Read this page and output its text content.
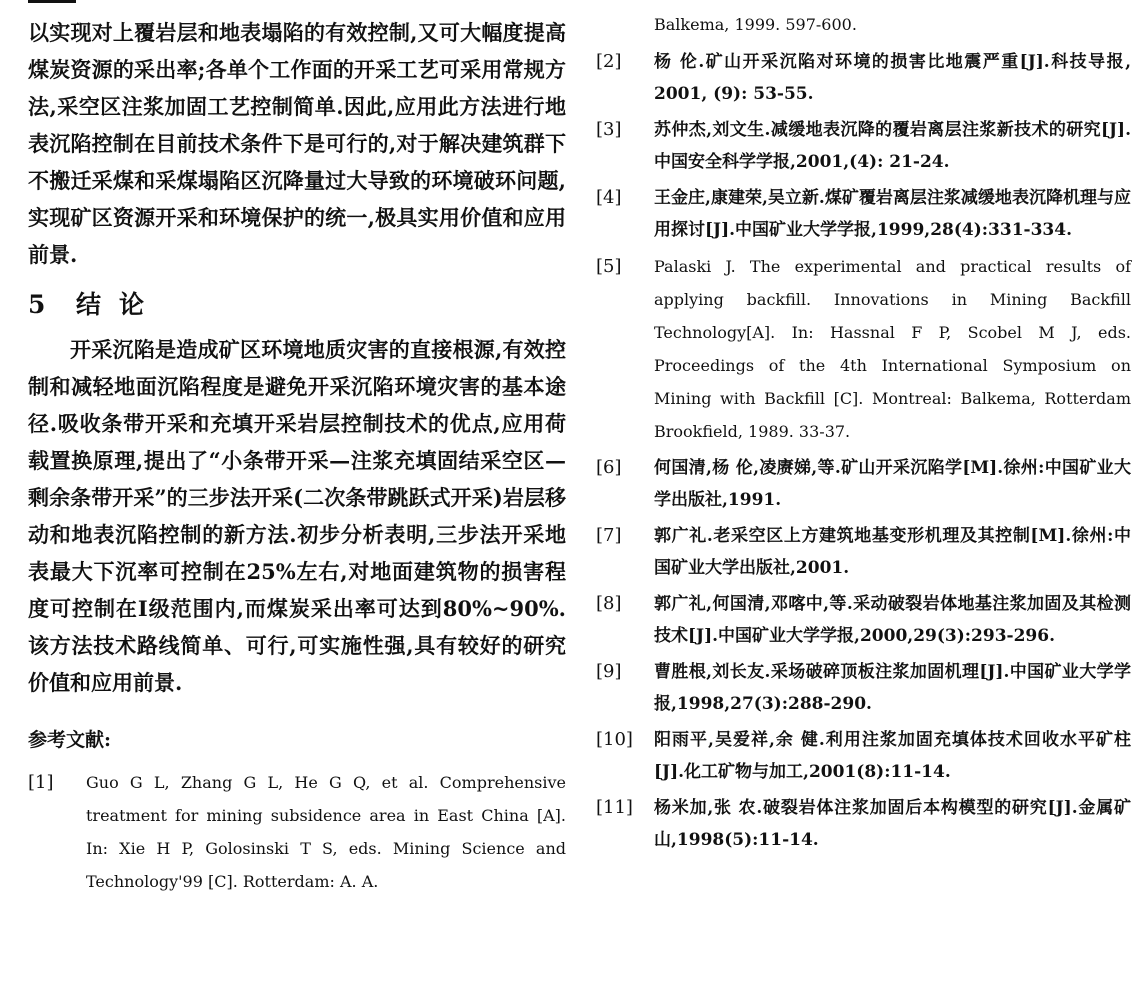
以实现对上覆岩层和地表塌陷的有效控制,又可大幅度提高煤炭资源的采出率;各单个工作面的开采工艺可采用常规方法,采空区注浆加固工艺控制简单.因此,应用此方法进行地表沉陷控制在目前技术条件下是可行的,对于解决建筑群下不搬迁采煤和采煤塌陷区沉降量过大导致的环境破环问题,实现矿区资源开采和环境保护的统一,极具实用价值和应用前景.

5 结论

开采沉陷是造成矿区环境地质灾害的直接根源,有效控制和减轻地面沉陷程度是避免开采沉陷环境灾害的基本途径.吸收条带开采和充填开采岩层控制技术的优点,应用荷载置换原理,提出了“小条带开采—注浆充填固结采空区—剩余条带开采”的三步法开采(二次条带跳跃式开采)岩层移动和地表沉陷控制的新方法.初步分析表明,三步法开采地表最大下沉率可控制在25%左右,对地面建筑物的损害程度可控制在Ⅰ级范围内,而煤炭采出率可达到80%~90%.该方法技术路线简单、可行,可实施性强,具有较好的研究价值和应用前景.

参考文献:
[1]	Guo G L, Zhang G L, He G Q, et al. Comprehensive treatment for mining subsidence area in East China [A]. In: Xie H P, Golosinski T S, eds. Mining Science and Technology'99 [C]. Rotterdam: A. A.

Balkema, 1999. 597-600.

[2]	杨 伦.矿山开采沉陷对环境的损害比地震严重[J].科技导报, 2001, (9): 53-55.
[3]	苏仲杰,刘文生.减缓地表沉降的覆岩离层注浆新技术的研究[J].中国安全科学学报,2001,(4): 21-24.
[4]	王金庄,康建荣,吴立新.煤矿覆岩离层注浆减缓地表沉降机理与应用探讨[J].中国矿业大学学报,1999,28(4):331-334.
[5]	Palaski J. The experimental and practical results of applying backfill. Innovations in Mining Backfill Technology[A]. In: Hassnal F P, Scobel M J, eds. Proceedings of the 4th International Symposium on Mining with Backfill [C]. Montreal: Balkema, Rotterdam Brookfield, 1989. 33-37.
[6]	何国清,杨 伦,凌赓娣,等.矿山开采沉陷学[M].徐州:中国矿业大学出版社,1991.
[7]	郭广礼.老采空区上方建筑地基变形机理及其控制[M].徐州:中国矿业大学出版社,2001.
[8]	郭广礼,何国清,邓喀中,等.采动破裂岩体地基注浆加固及其检测技术[J].中国矿业大学学报,2000,29(3):293-296.
[9]	曹胜根,刘长友.采场破碎顶板注浆加固机理[J].中国矿业大学学报,1998,27(3):288-290.
[10]	阳雨平,吴爱祥,余 健.利用注浆加固充填体技术回收水平矿柱[J].化工矿物与加工,2001(8):11-14.
[11]	杨米加,张 农.破裂岩体注浆加固后本构模型的研究[J].金属矿山,1998(5):11-14.
